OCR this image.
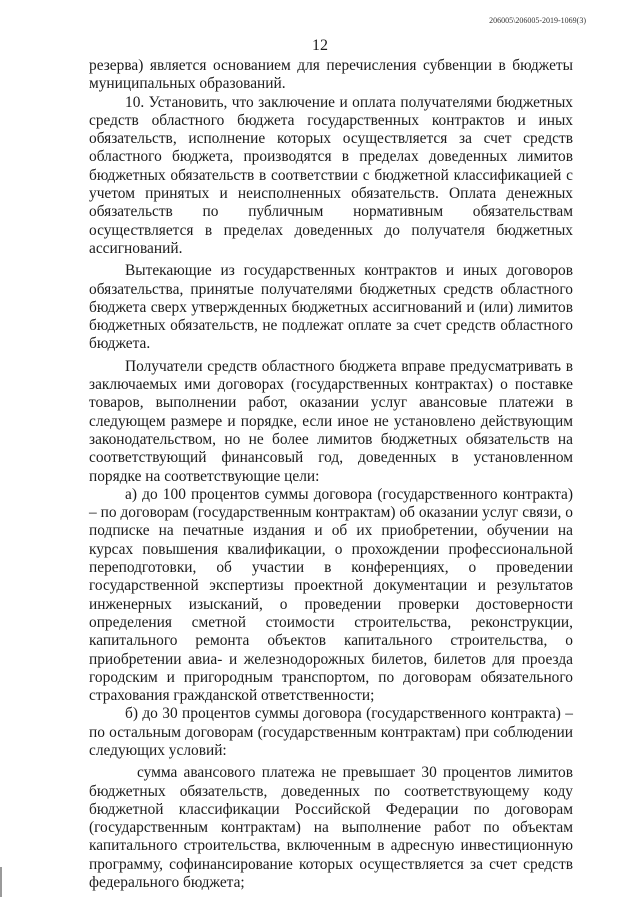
206005\206005-2019-1069(3)
12

резерва) является основанием для перечисления субвенции в бюджеты муниципальных образований.

10. Установить, что заключение и оплата получателями бюджетных средств областного бюджета государственных контрактов и иных обязательств, исполнение которых осуществляется за счет средств областного бюджета, производятся в пределах доведенных лимитов бюджетных обязательств в соответствии с бюджетной классификацией с учетом принятых и неисполненных обязательств. Оплата денежных обязательств по публичным нормативным обязательствам осуществляется в пределах доведенных до получателя бюджетных ассигнований.

Вытекающие из государственных контрактов и иных договоров обязательства, принятые получателями бюджетных средств областного бюджета сверх утвержденных бюджетных ассигнований и (или) лимитов бюджетных обязательств, не подлежат оплате за счет средств областного бюджета.

Получатели средств областного бюджета вправе предусматривать в заключаемых ими договорах (государственных контрактах) о поставке товаров, выполнении работ, оказании услуг авансовые платежи в следующем размере и порядке, если иное не установлено действующим законодательством, но не более лимитов бюджетных обязательств на соответствующий финансовый год, доведенных в установленном порядке на соответствующие цели:

а) до 100 процентов суммы договора (государственного контракта) – по договорам (государственным контрактам) об оказании услуг связи, о подписке на печатные издания и об их приобретении, обучении на курсах повышения квалификации, о прохождении профессиональной переподготовки, об участии в конференциях, о проведении государственной экспертизы проектной документации и результатов инженерных изысканий, о проведении проверки достоверности определения сметной стоимости строительства, реконструкции, капитального ремонта объектов капитального строительства, о приобретении авиа- и железнодорожных билетов, билетов для проезда городским и пригородным транспортом, по договорам обязательного страхования гражданской ответственности;

б) до 30 процентов суммы договора (государственного контракта) – по остальным договорам (государственным контрактам) при соблюдении следующих условий:

сумма авансового платежа не превышает 30 процентов лимитов бюджетных обязательств, доведенных по соответствующему коду бюджетной классификации Российской Федерации по договорам (государственным контрактам) на выполнение работ по объектам капитального строительства, включенным в адресную инвестиционную программу, софинансирование которых осуществляется за счет средств федерального бюджета;
